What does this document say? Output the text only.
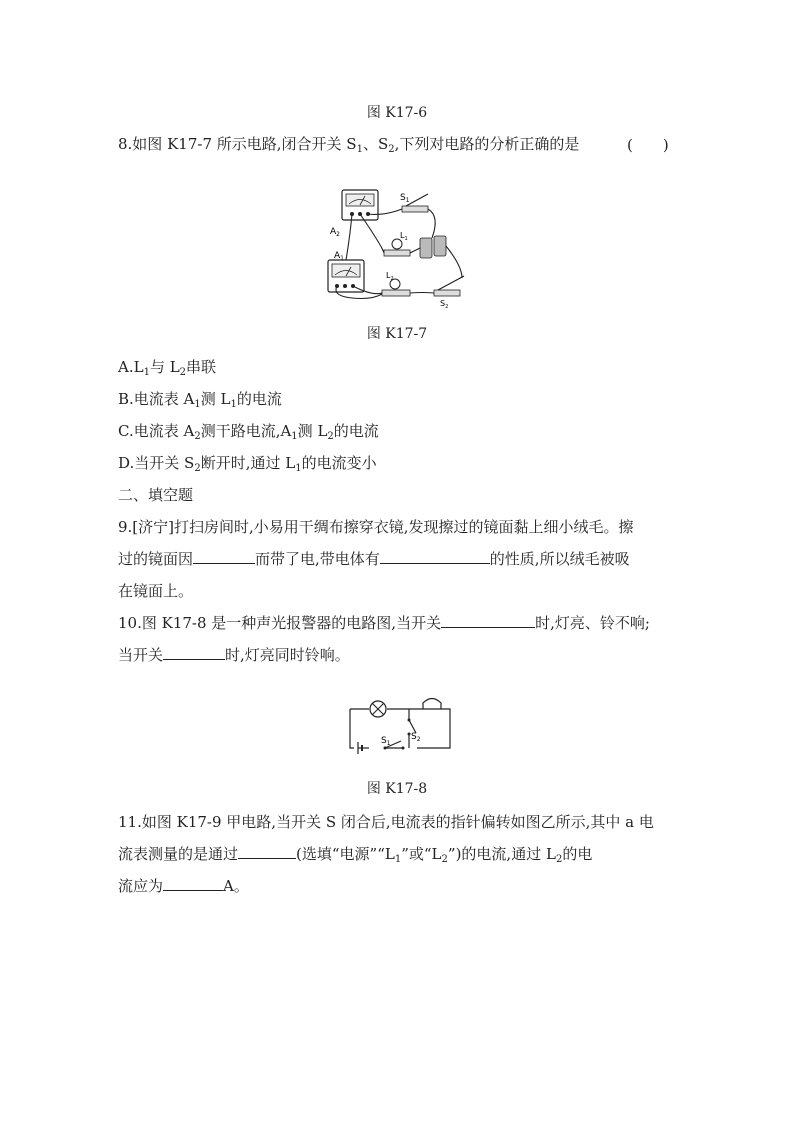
图 K17-6
8.如图 K17-7 所示电路,闭合开关 $S_1$、$S_2$,下列对电路的分析正确的是	(　　)
$A_2$
$A_1$
$S_1$
$L_1$
$L_2$
$S_2$
图 K17-7
$A.L_1$与 $L_2$串联
B.电流表 $A_1$测 $L_1$的电流
C.电流表 $A_2$测干路电流$,A_1$测 $L_2$的电流
D.当开关 $S_2$断开时,通过 $L_1$的电流变小
二、填空题
9.[济宁]打扫房间时,小易用干绸布擦穿衣镜,发现擦过的镜面黏上细小绒毛。擦
过的镜面因	而带了电,带电体有	的性质,所以绒毛被吸
在镜面上。
10.图 K17-8 是一种声光报警器的电路图,当开关	时,灯亮、铃不响;
当开关	时,灯亮同时铃响。
$S_2$
$S_1$
图 K17-8
11.如图 K17-9 甲电路,当开关 S 闭合后,电流表的指针偏转如图乙所示,其中 a 电
流表测量的是通过	(选填“电源$”“L_1$”或“$L_2$”)的电流,通过 $L_2$的电
流应为	A。
